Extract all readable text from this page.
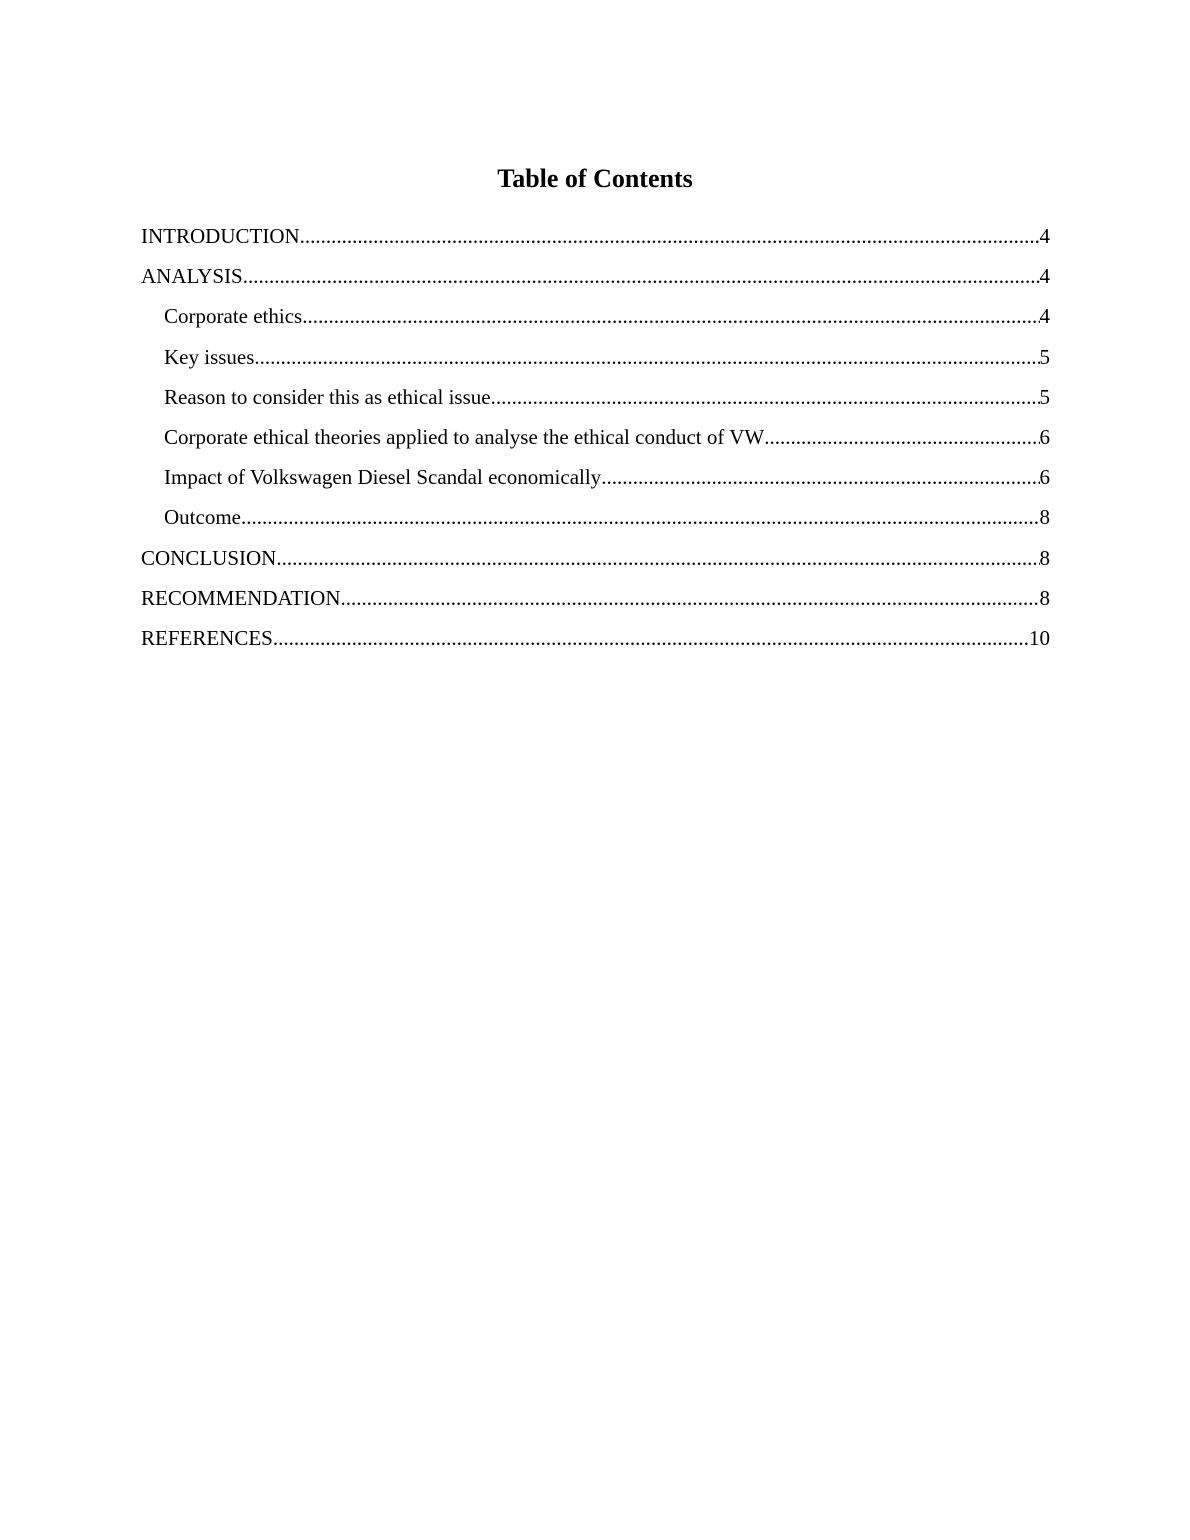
Table of Contents
INTRODUCTION .....	4
ANALYSIS .....	4
Corporate ethics .....	4
Key issues .....	5
Reason to consider this as ethical issue .....	5
Corporate ethical theories applied to analyse the ethical conduct of VW .....	6
Impact of Volkswagen Diesel Scandal economically .....	6
Outcome .....	8
CONCLUSION .....	8
RECOMMENDATION .....	8
REFERENCES .....	10
